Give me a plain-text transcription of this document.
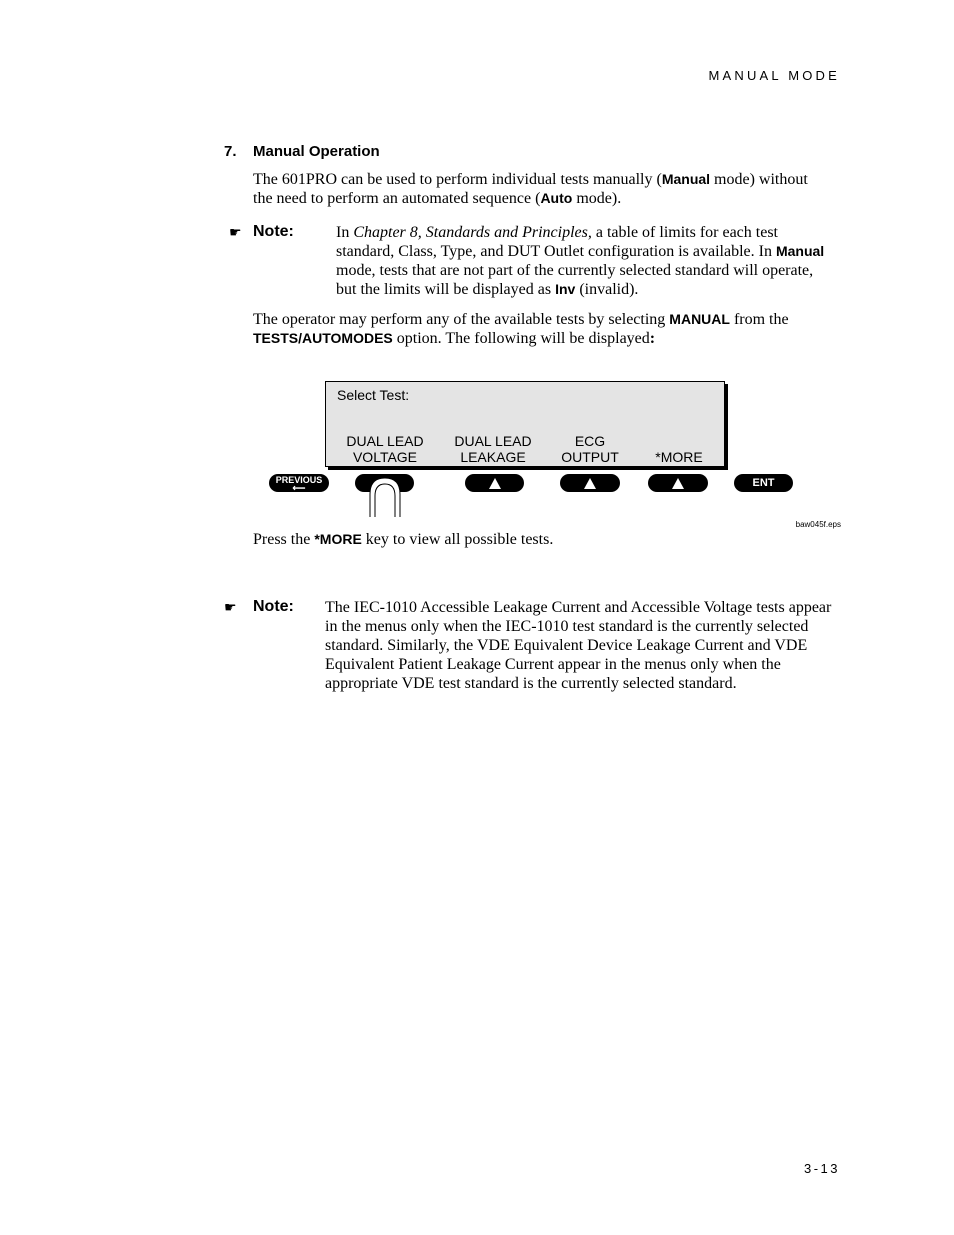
MANUAL MODE
7. Manual Operation
The 601PRO can be used to perform individual tests manually (Manual mode) without the need to perform an automated sequence (Auto mode).
☛ Note:	In Chapter 8, Standards and Principles, a table of limits for each test standard, Class, Type, and DUT Outlet configuration is available. In Manual mode, tests that are not part of the currently selected standard will operate, but the limits will be displayed as Inv (invalid).
The operator may perform any of the available tests by selecting MANUAL from the TESTS/AUTOMODES option. The following will be displayed:
Select Test:
DUAL LEAD
VOLTAGE
DUAL LEAD
LEAKAGE
ECG
OUTPUT	*MORE
PREVIOUS
⟵	ENT
baw045f.eps
Press the *MORE key to view all possible tests.
☛ Note: The IEC-1010 Accessible Leakage Current and Accessible Voltage tests appear in the menus only when the IEC-1010 test standard is the currently selected standard. Similarly, the VDE Equivalent Device Leakage Current and VDE Equivalent Patient Leakage Current appear in the menus only when the appropriate VDE test standard is the currently selected standard.
3-13
